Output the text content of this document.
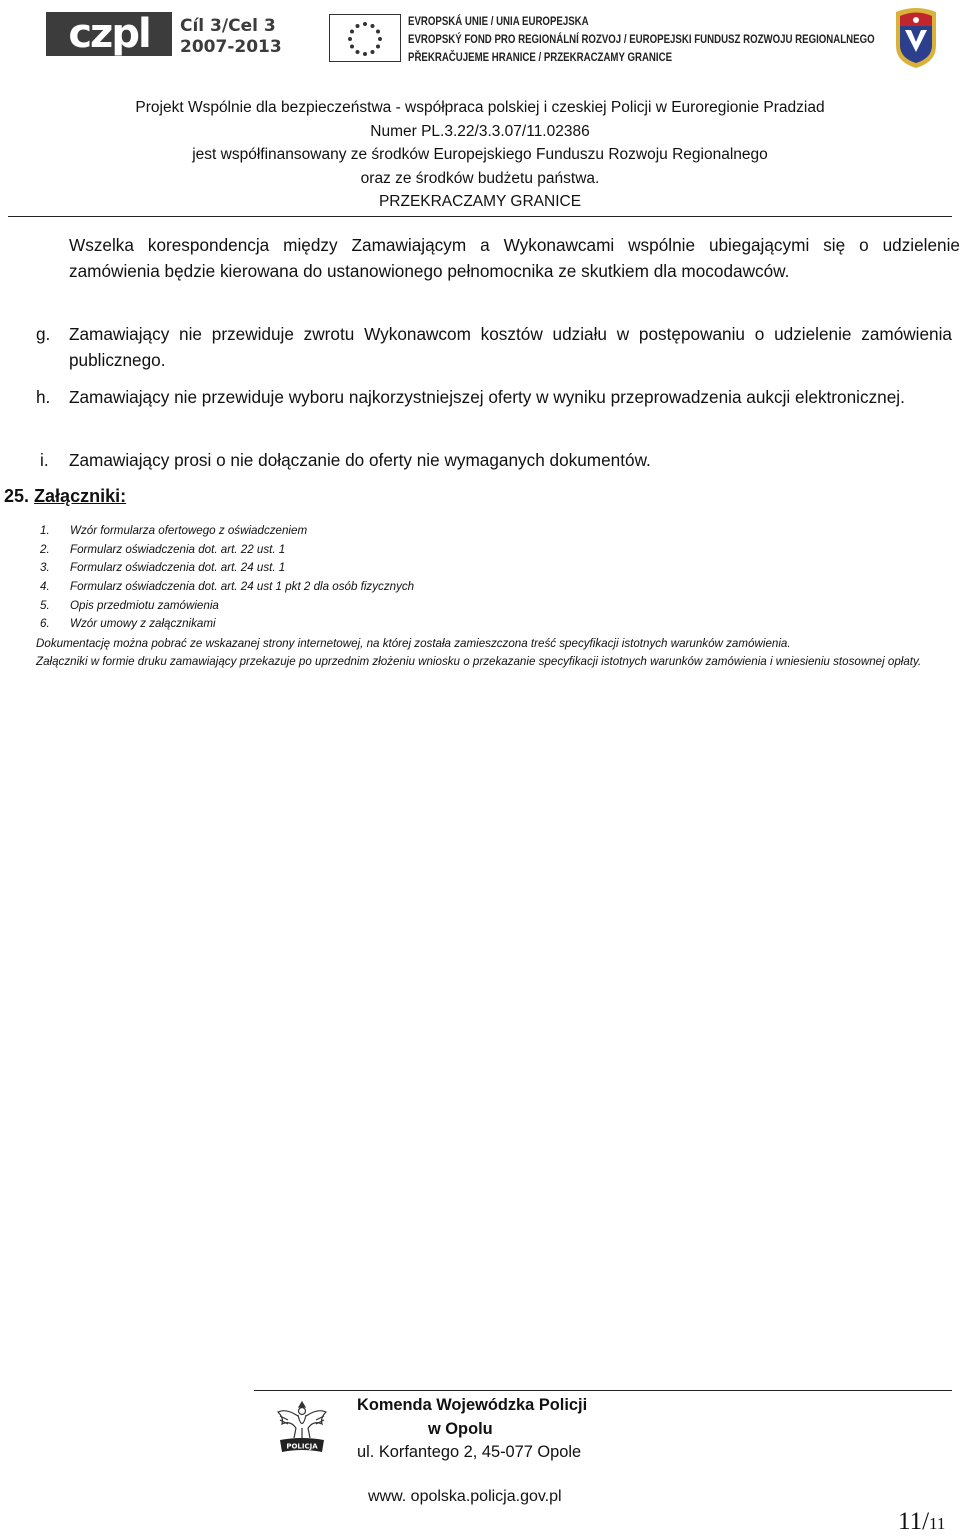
czpl	Cíl 3/Cel 3
2007-2013
EVROPSKÁ UNIE / UNIA EUROPEJSKA
EVROPSKÝ FOND PRO REGIONÁLNÍ ROZVOJ / EUROPEJSKI FUNDUSZ ROZWOJU REGIONALNEGO
PŘEKRAČUJEME HRANICE / PRZEKRACZAMY GRANICE
Projekt Wspólnie dla bezpieczeństwa - współpraca polskiej i czeskiej Policji w Euroregionie Pradziad
Numer PL.3.22/3.3.07/11.02386
jest współfinansowany ze środków Europejskiego Funduszu Rozwoju Regionalnego
oraz ze środków budżetu państwa.
PRZEKRACZAMY GRANICE
Wszelka korespondencja między Zamawiającym a Wykonawcami wspólnie ubiegającymi się o udzielenie zamówienia będzie kierowana do ustanowionego pełnomocnika ze skutkiem dla mocodawców.
g. Zamawiający nie przewiduje zwrotu Wykonawcom kosztów udziału w postępowaniu o udzielenie zamówienia publicznego.
h. Zamawiający nie przewiduje wyboru najkorzystniejszej oferty w wyniku przeprowadzenia aukcji elektronicznej.
i. Zamawiający prosi o nie dołączanie do oferty nie wymaganych dokumentów.
25. Załączniki:
1. Wzór formularza ofertowego z oświadczeniem
2. Formularz oświadczenia dot. art. 22 ust. 1
3. Formularz oświadczenia dot. art. 24 ust. 1
4. Formularz oświadczenia dot. art. 24 ust 1 pkt 2 dla osób fizycznych
5. Opis przedmiotu zamówienia
6. Wzór umowy z załącznikami
Dokumentację można pobrać ze wskazanej strony internetowej, na której została zamieszczona treść specyfikacji istotnych warunków zamówienia.
Załączniki w formie druku zamawiający przekazuje po uprzednim złożeniu wniosku o przekazanie specyfikacji istotnych warunków zamówienia i wniesieniu stosownej opłaty.
POLICJA
Komenda Wojewódzka Policji
w Opolu
ul. Korfantego 2, 45-077 Opole
www. opolska.policja.gov.pl
11/11
